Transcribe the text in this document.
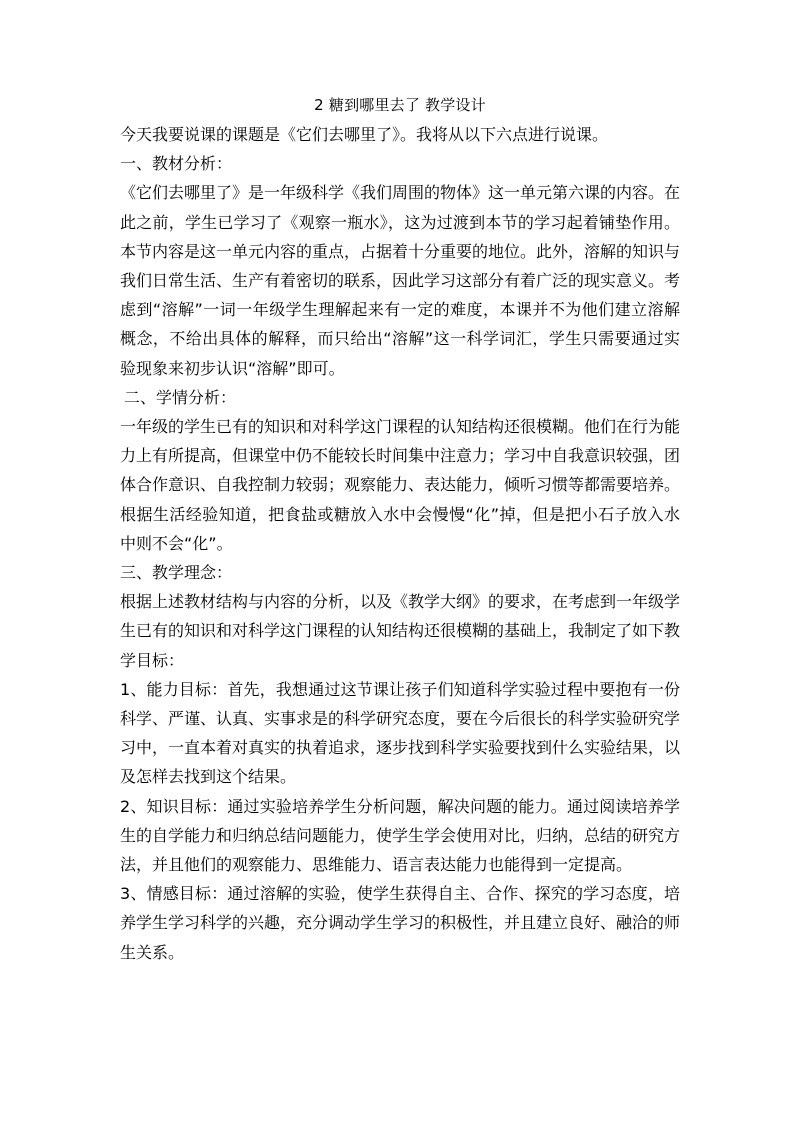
2 糖到哪里去了 教学设计

今天我要说课的课题是《它们去哪里了》。我将从以下六点进行说课。

一、教材分析：

《它们去哪里了》是一年级科学《我们周围的物体》这一单元第六课的内容。在此之前，学生已学习了《观察一瓶水》，这为过渡到本节的学习起着铺垫作用。本节内容是这一单元内容的重点，占据着十分重要的地位。此外，溶解的知识与我们日常生活、生产有着密切的联系，因此学习这部分有着广泛的现实意义。考虑到“溶解”一词一年级学生理解起来有一定的难度，本课并不为他们建立溶解概念，不给出具体的解释，而只给出“溶解”这一科学词汇，学生只需要通过实验现象来初步认识“溶解”即可。

二、学情分析：

一年级的学生已有的知识和对科学这门课程的认知结构还很模糊。他们在行为能力上有所提高，但课堂中仍不能较长时间集中注意力；学习中自我意识较强，团体合作意识、自我控制力较弱；观察能力、表达能力，倾听习惯等都需要培养。根据生活经验知道，把食盐或糖放入水中会慢慢“化”掉，但是把小石子放入水中则不会“化”。

三、教学理念：

根据上述教材结构与内容的分析，以及《教学大纲》的要求，在考虑到一年级学生已有的知识和对科学这门课程的认知结构还很模糊的基础上，我制定了如下教学目标：

1、能力目标：首先，我想通过这节课让孩子们知道科学实验过程中要抱有一份科学、严谨、认真、实事求是的科学研究态度，要在今后很长的科学实验研究学习中，一直本着对真实的执着追求，逐步找到科学实验要找到什么实验结果，以及怎样去找到这个结果。

2、知识目标：通过实验培养学生分析问题，解决问题的能力。通过阅读培养学生的自学能力和归纳总结问题能力，使学生学会使用对比，归纳，总结的研究方法，并且他们的观察能力、思维能力、语言表达能力也能得到一定提高。

3、情感目标：通过溶解的实验，使学生获得自主、合作、探究的学习态度，培养学生学习科学的兴趣，充分调动学生学习的积极性，并且建立良好、融洽的师生关系。
